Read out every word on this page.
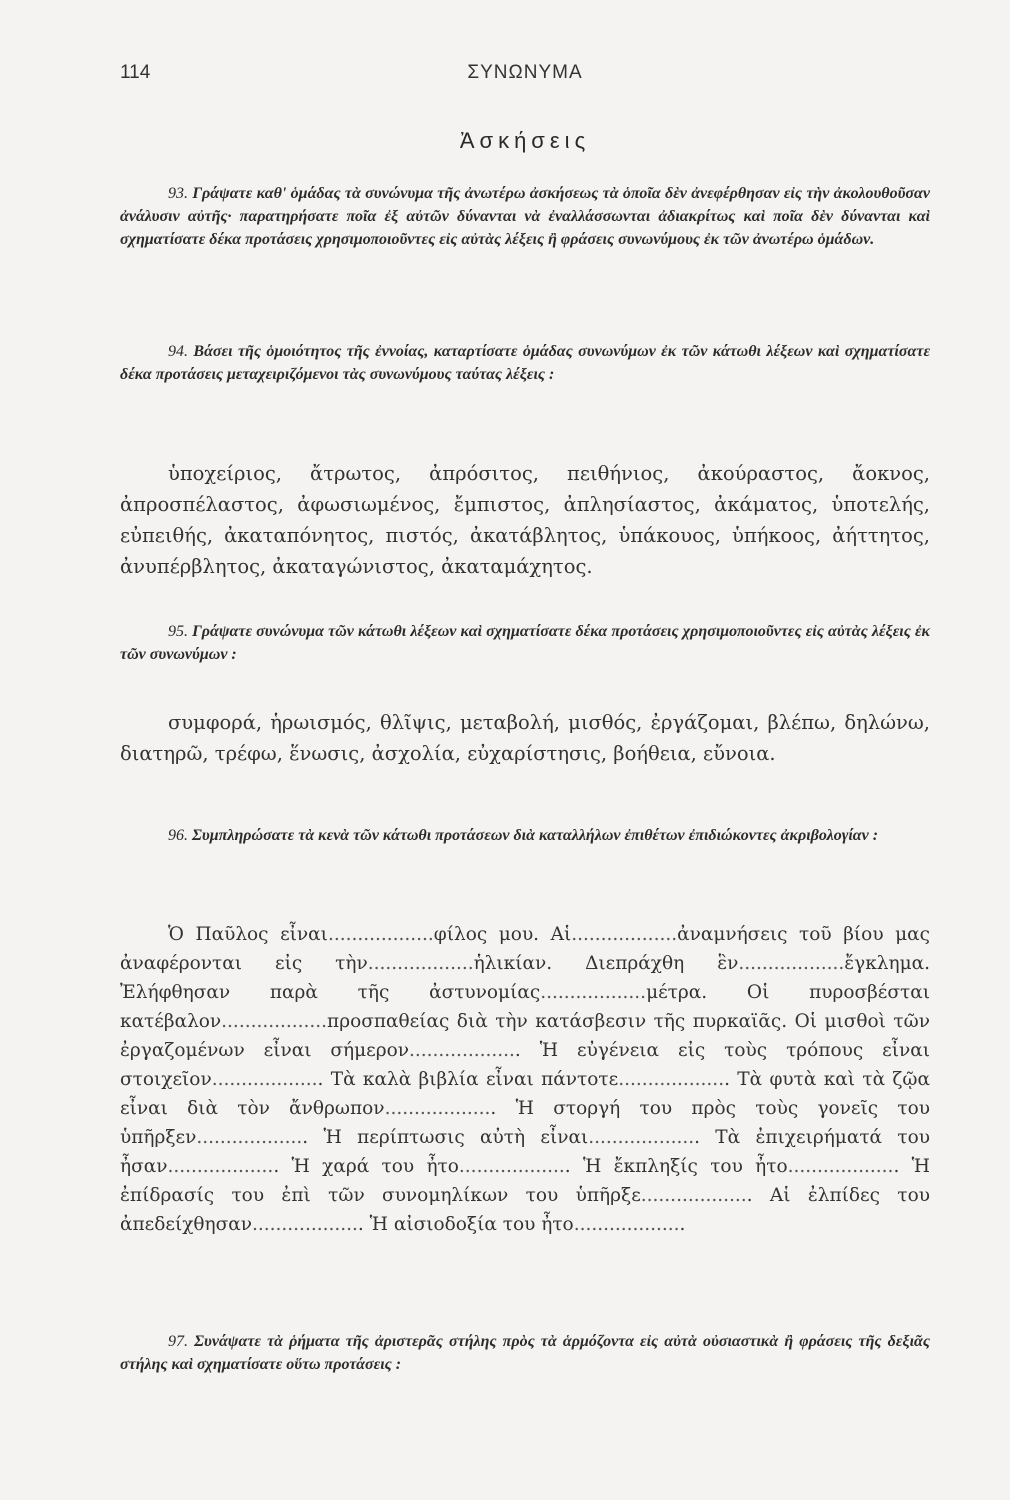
114	ΣΥΝΩΝΥΜΑ
Ἀσκήσεις
93. Γράψατε καθ' ὁμάδας τὰ συνώνυμα τῆς ἀνωτέρω ἀσκήσεως τὰ ὁποῖα δὲν ἀνεφέρθησαν εἰς τὴν ἀκολουθοῦσαν ἀνάλυσιν αὐτῆς· παρατηρήσατε ποῖα ἐξ αὐτῶν δύνανται νὰ ἐναλλάσσωνται ἀδιακρίτως καὶ ποῖα δὲν δύνανται καὶ σχηματίσατε δέκα προτάσεις χρησιμοποιοῦντες εἰς αὐτὰς λέξεις ἢ φράσεις συνωνύμους ἐκ τῶν ἀνωτέρω ὁμάδων.
94. Βάσει τῆς ὁμοιότητος τῆς ἐννοίας, καταρτίσατε ὁμάδας συνωνύμων ἐκ τῶν κάτωθι λέξεων καὶ σχηματίσατε δέκα προτάσεις μεταχειριζόμενοι τὰς συνωνύμους ταύτας λέξεις :
ὑποχείριος, ἄτρωτος, ἀπρόσιτος, πειθήνιος, ἀκούραστος, ἄοκνος, ἀπροσπέλαστος, ἀφωσιωμένος, ἔμπιστος, ἀπλησίαστος, ἀκάματος, ὑποτελής, εὐπειθής, ἀκαταπόνητος, πιστός, ἀκατάβλητος, ὑπάκουος, ὑπήκοος, ἀήττητος, ἀνυπέρβλητος, ἀκαταγώνιστος, ἀκαταμάχητος.
95. Γράψατε συνώνυμα τῶν κάτωθι λέξεων καὶ σχηματίσατε δέκα προτάσεις χρησιμοποιοῦντες εἰς αὐτὰς λέξεις ἐκ τῶν συνωνύμων :
συμφορά, ἡρωισμός, θλῖψις, μεταβολή, μισθός, ἐργάζομαι, βλέπω, δηλώνω, διατηρῶ, τρέφω, ἕνωσις, ἀσχολία, εὐχαρίστησις, βοήθεια, εὔνοια.
96. Συμπληρώσατε τὰ κενὰ τῶν κάτωθι προτάσεων διὰ καταλλήλων ἐπιθέτων ἐπιδιώκοντες ἀκριβολογίαν :
Ὁ Παῦλος εἶναι..................φίλος μου. Αἱ..................ἀναμνήσεις τοῦ βίου μας ἀναφέρονται εἰς τὴν..................ἡλικίαν. Διεπράχθη ἓν..................ἔγκλημα. Ἐλήφθησαν παρὰ τῆς ἀστυνομίας..................μέτρα. Οἱ πυροσβέσται κατέβαλον..................προσπαθείας διὰ τὴν κατάσβεσιν τῆς πυρκαϊᾶς. Οἱ μισθοὶ τῶν ἐργαζομένων εἶναι σήμερον................... Ἡ εὐγένεια εἰς τοὺς τρόπους εἶναι στοιχεῖον................... Τὰ καλὰ βιβλία εἶναι πάντοτε................... Τὰ φυτὰ καὶ τὰ ζῷα εἶναι διὰ τὸν ἄνθρωπον................... Ἡ στοργή του πρὸς τοὺς γονεῖς του ὑπῆρξεν................... Ἡ περίπτωσις αὐτὴ εἶναι................... Τὰ ἐπιχειρήματά του ἦσαν................... Ἡ χαρά του ἦτο................... Ἡ ἔκπληξίς του ἦτο................... Ἡ ἐπίδρασίς του ἐπὶ τῶν συνομηλίκων του ὑπῆρξε................... Αἱ ἐλπίδες του ἀπεδείχθησαν................... Ἡ αἰσιοδοξία του ἦτο...................
97. Συνάψατε τὰ ῥήματα τῆς ἀριστερᾶς στήλης πρὸς τὰ ἁρμόζοντα εἰς αὐτὰ οὐσιαστικὰ ἢ φράσεις τῆς δεξιᾶς στήλης καὶ σχηματίσατε οὕτω προτάσεις :
